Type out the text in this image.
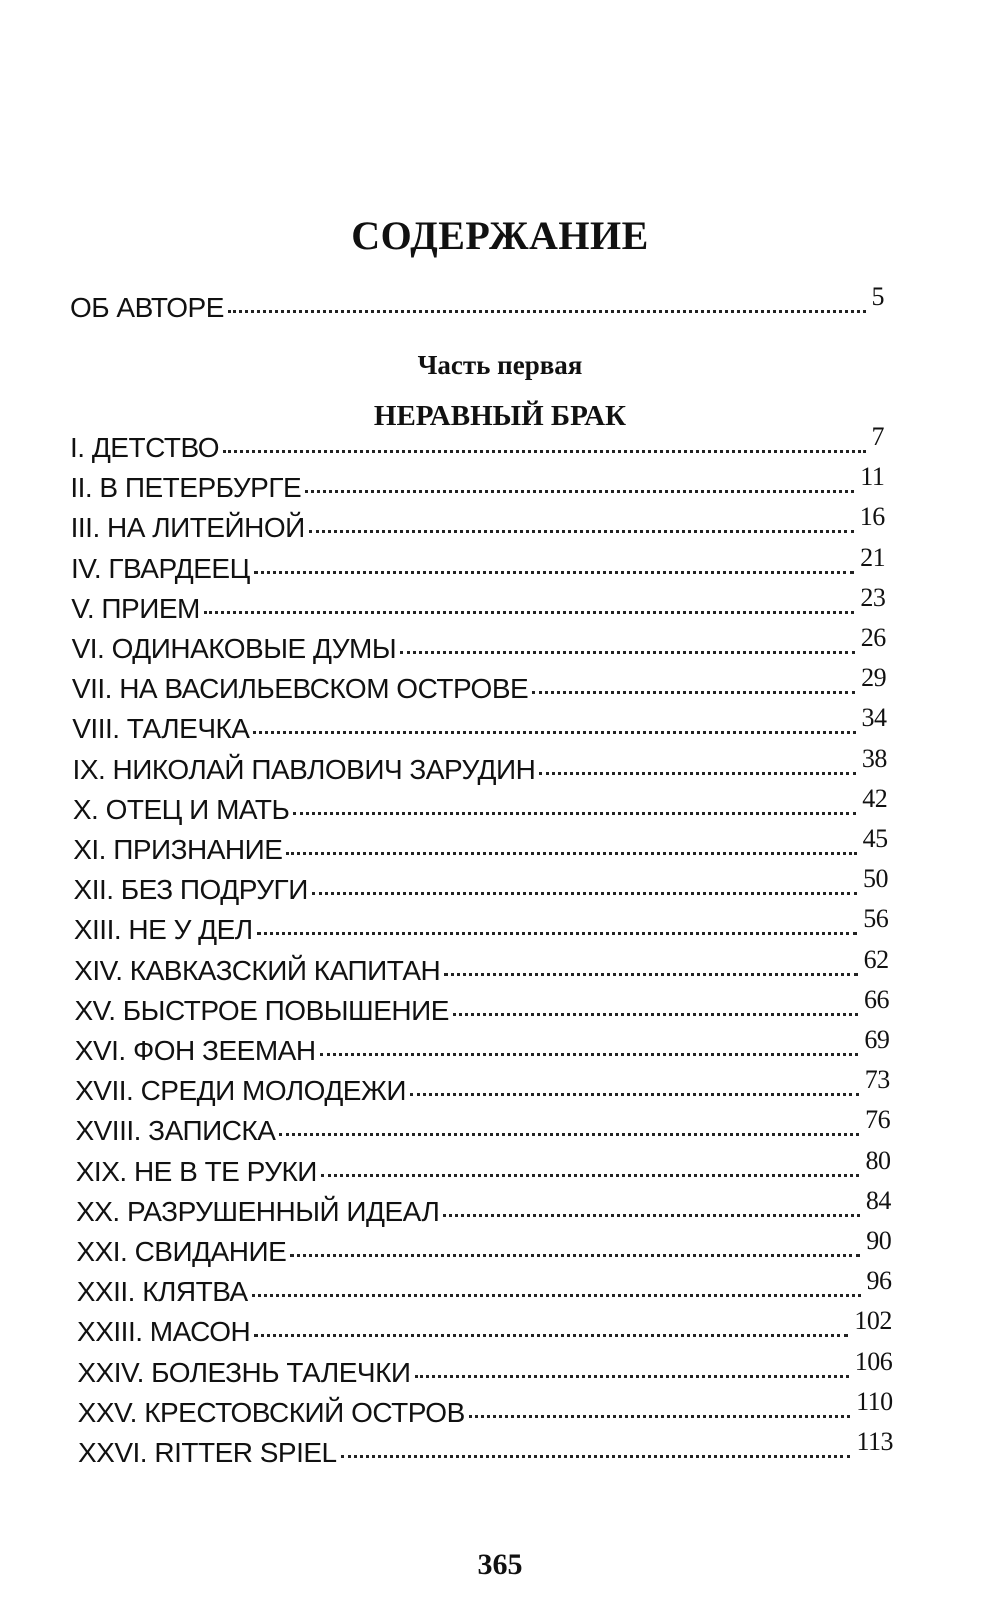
СОДЕРЖАНИЕ
ОБ АВТОРЕ	5
Часть первая
НЕРАВНЫЙ БРАК
I. ДЕТСТВО	7
II. В ПЕТЕРБУРГЕ	11
III. НА ЛИТЕЙНОЙ	16
IV. ГВАРДЕЕЦ	21
V. ПРИЕМ	23
VI. ОДИНАКОВЫЕ ДУМЫ	26
VII. НА ВАСИЛЬЕВСКОМ ОСТРОВЕ	29
VIII. ТАЛЕЧКА	34
IX. НИКОЛАЙ ПАВЛОВИЧ ЗАРУДИН	38
X. ОТЕЦ И МАТЬ	42
XI. ПРИЗНАНИЕ	45
XII. БЕЗ ПОДРУГИ	50
XIII. НЕ У ДЕЛ	56
XIV. КАВКАЗСКИЙ КАПИТАН	62
XV. БЫСТРОЕ ПОВЫШЕНИЕ	66
XVI. ФОН ЗЕЕМАН	69
XVII. СРЕДИ МОЛОДЕЖИ	73
XVIII. ЗАПИСКА	76
XIX. НЕ В ТЕ РУКИ	80
XX. РАЗРУШЕННЫЙ ИДЕАЛ	84
XXI. СВИДАНИЕ	90
XXII. КЛЯТВА	96
XXIII. МАСОН	102
XXIV. БОЛЕЗНЬ ТАЛЕЧКИ	106
XXV. КРЕСТОВСКИЙ ОСТРОВ	110
XXVI. RITTER SPIEL	113
365
